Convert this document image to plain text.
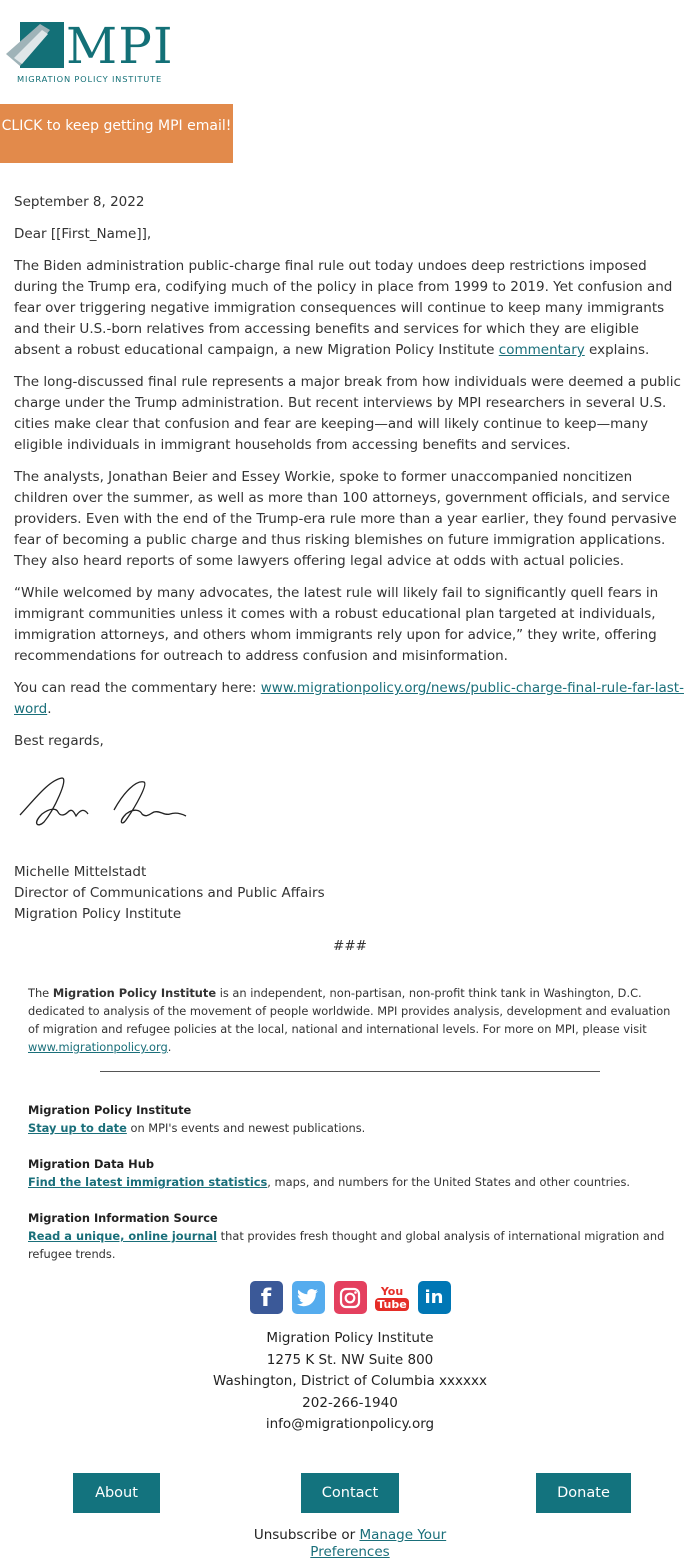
MPI
MIGRATION POLICY INSTITUTE
CLICK to keep getting MPI email!

September 8, 2022

Dear [[First_Name]],

The Biden administration public-charge final rule out today undoes deep restrictions imposed during the Trump era, codifying much of the policy in place from 1999 to 2019. Yet confusion and fear over triggering negative immigration consequences will continue to keep many immigrants and their U.S.-born relatives from accessing benefits and services for which they are eligible absent a robust educational campaign, a new Migration Policy Institute commentary explains.

The long-discussed final rule represents a major break from how individuals were deemed a public charge under the Trump administration. But recent interviews by MPI researchers in several U.S. cities make clear that confusion and fear are keeping—and will likely continue to keep—many eligible individuals in immigrant households from accessing benefits and services.

The analysts, Jonathan Beier and Essey Workie, spoke to former unaccompanied noncitizen children over the summer, as well as more than 100 attorneys, government officials, and service providers. Even with the end of the Trump-era rule more than a year earlier, they found pervasive fear of becoming a public charge and thus risking blemishes on future immigration applications. They also heard reports of some lawyers offering legal advice at odds with actual policies.

“While welcomed by many advocates, the latest rule will likely fail to significantly quell fears in immigrant communities unless it comes with a robust educational plan targeted at individuals, immigration attorneys, and others whom immigrants rely upon for advice,” they write, offering recommendations for outreach to address confusion and misinformation.

You can read the commentary here: www.migrationpolicy.org/news/public-charge-final-rule-far-last-word.

Best regards,

Michelle Mittelstadt
Director of Communications and Public Affairs
Migration Policy Institute
###
The Migration Policy Institute is an independent, non-partisan, non-profit think tank in Washington, D.C. dedicated to analysis of the movement of people worldwide. MPI provides analysis, development and evaluation of migration and refugee policies at the local, national and international levels. For more on MPI, please visit www.migrationpolicy.org.
Migration Policy Institute
Stay up to date on MPI's events and newest publications.
Migration Data Hub
Find the latest immigration statistics, maps, and numbers for the United States and other countries.
Migration Information Source
Read a unique, online journal that provides fresh thought and global analysis of international migration and refugee trends.
f	You
Tube in
Migration Policy Institute
1275 K St. NW Suite 800
Washington, District of Columbia xxxxxx
202-266-1940
info@migrationpolicy.org
About	Contact	Donate
Unsubscribe or Manage Your Preferences
